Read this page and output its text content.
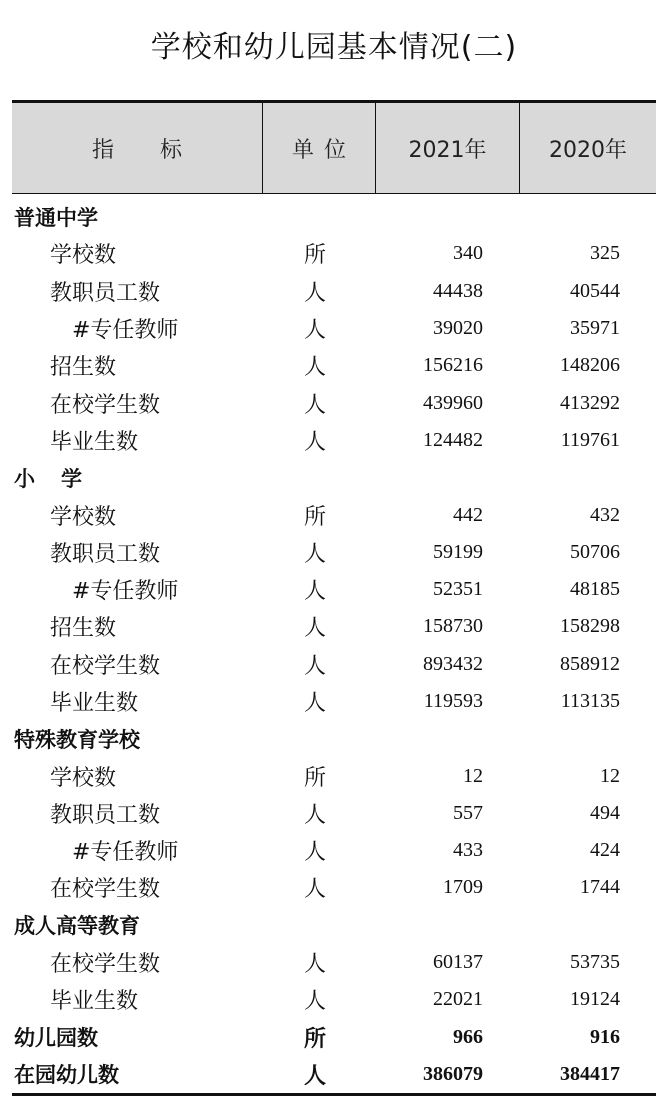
学校和幼儿园基本情况(二)
指标	单位	2021年	2020年
普通中学
学校数	所	340	325
教职员工数	人	44438	40544
#专任教师	人	39020	35971
招生数	人	156216	148206
在校学生数	人	439960	413292
毕业生数	人	124482	119761
小学
学校数	所	442	432
教职员工数	人	59199	50706
#专任教师	人	52351	48185
招生数	人	158730	158298
在校学生数	人	893432	858912
毕业生数	人	119593	113135
特殊教育学校
学校数	所	12	12
教职员工数	人	557	494
#专任教师	人	433	424
在校学生数	人	1709	1744
成人高等教育
在校学生数	人	60137	53735
毕业生数	人	22021	19124
幼儿园数	所	966	916
在园幼儿数	人	386079	384417
